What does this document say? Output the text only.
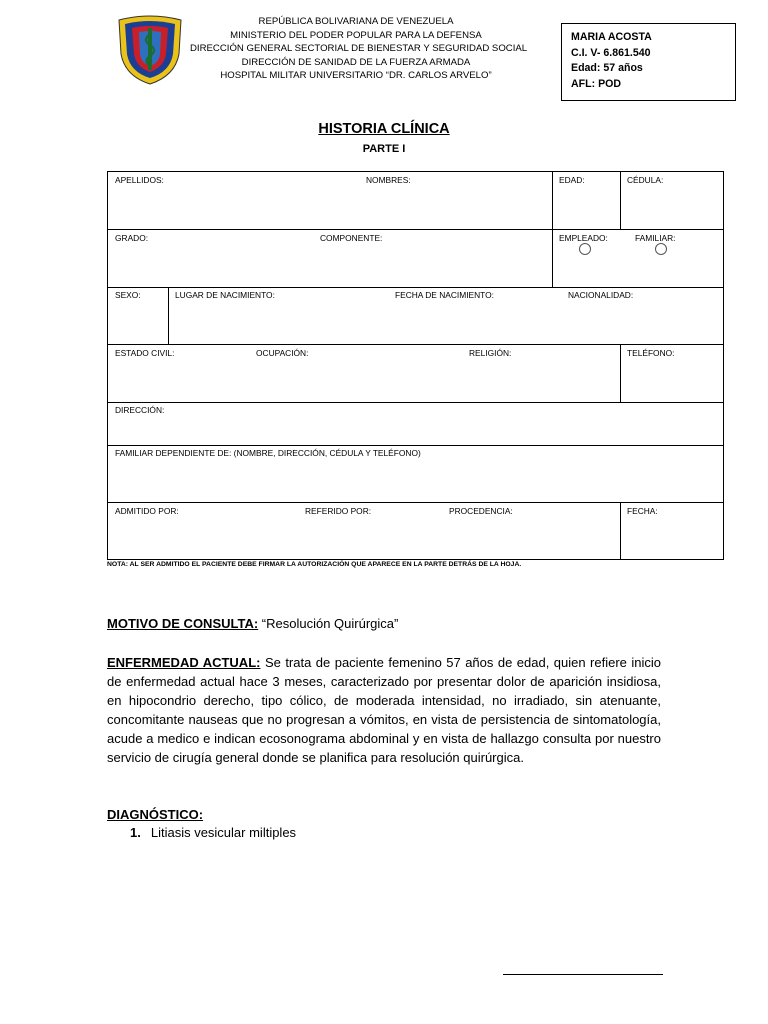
REPÚBLICA BOLIVARIANA DE VENEZUELA
MINISTERIO DEL PODER POPULAR PARA LA DEFENSA
DIRECCIÓN GENERAL SECTORIAL DE BIENESTAR Y SEGURIDAD SOCIAL
DIRECCIÓN DE SANIDAD DE LA FUERZA ARMADA
HOSPITAL MILITAR UNIVERSITARIO “DR. CARLOS ARVELO”
MARIA ACOSTA
C.I. V- 6.861.540
Edad: 57 años
AFL: POD
HISTORIA CLÍNICA
PARTE I
APELLIDOS:	NOMBRES:	EDAD:	CÉDULA:
GRADO:	COMPONENTE:	EMPLEADO:	FAMILIAR:
SEXO:	LUGAR DE NACIMIENTO:	FECHA DE NACIMIENTO:	NACIONALIDAD:
ESTADO CIVIL:	OCUPACIÓN:	RELIGIÓN:	TELÉFONO:
DIRECCIÓN:
FAMILIAR DEPENDIENTE DE: (NOMBRE, DIRECCIÓN, CÉDULA Y TELÉFONO)
ADMITIDO POR:	REFERIDO POR:	PROCEDENCIA:	FECHA:
NOTA: AL SER ADMITIDO EL PACIENTE DEBE FIRMAR LA AUTORIZACIÓN QUE APARECE EN LA PARTE DETRÁS DE LA HOJA.
MOTIVO DE CONSULTA: “Resolución Quirúrgica”
ENFERMEDAD ACTUAL: Se trata de paciente femenino 57 años de edad, quien refiere inicio de enfermedad actual hace 3 meses, caracterizado por presentar dolor de aparición insidiosa, en hipocondrio derecho, tipo cólico, de moderada intensidad, no irradiado, sin atenuante, concomitante nauseas que no progresan a vómitos, en vista de persistencia de sintomatología, acude a medico e indican ecosonograma abdominal y en vista de hallazgo consulta por nuestro servicio de cirugía general donde se planifica para resolución quirúrgica.
DIAGNÓSTICO:
1. Litiasis vesicular miltiples
